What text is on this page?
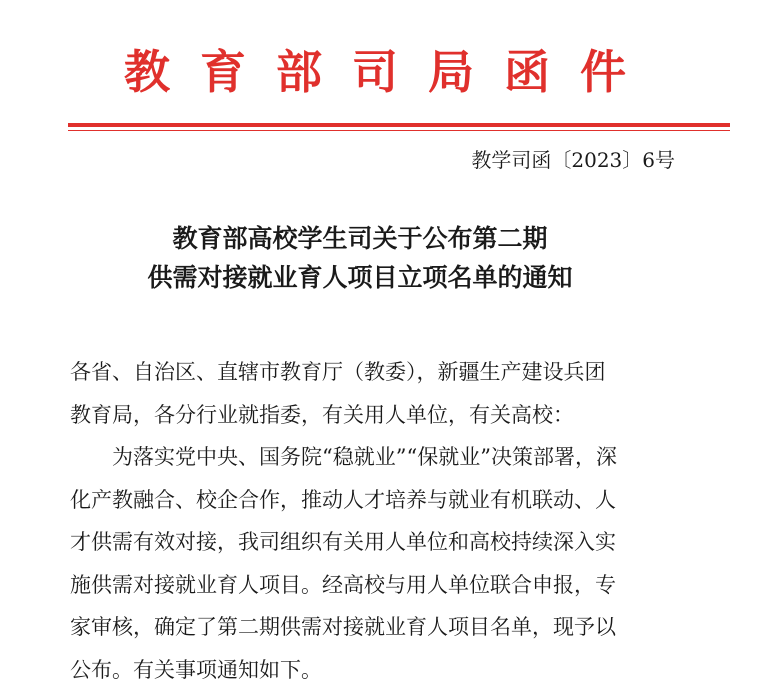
教育部司局函件
教学司函〔2023〕6号
教育部高校学生司关于公布第二期
供需对接就业育人项目立项名单的通知
各省、自治区、直辖市教育厅（教委），新疆生产建设兵团
教育局，各分行业就指委，有关用人单位，有关高校：
为落实党中央、国务院“稳就业”“保就业”决策部署，深
化产教融合、校企合作，推动人才培养与就业有机联动、人
才供需有效对接，我司组织有关用人单位和高校持续深入实
施供需对接就业育人项目。经高校与用人单位联合申报，专
家审核，确定了第二期供需对接就业育人项目名单，现予以
公布。有关事项通知如下。
